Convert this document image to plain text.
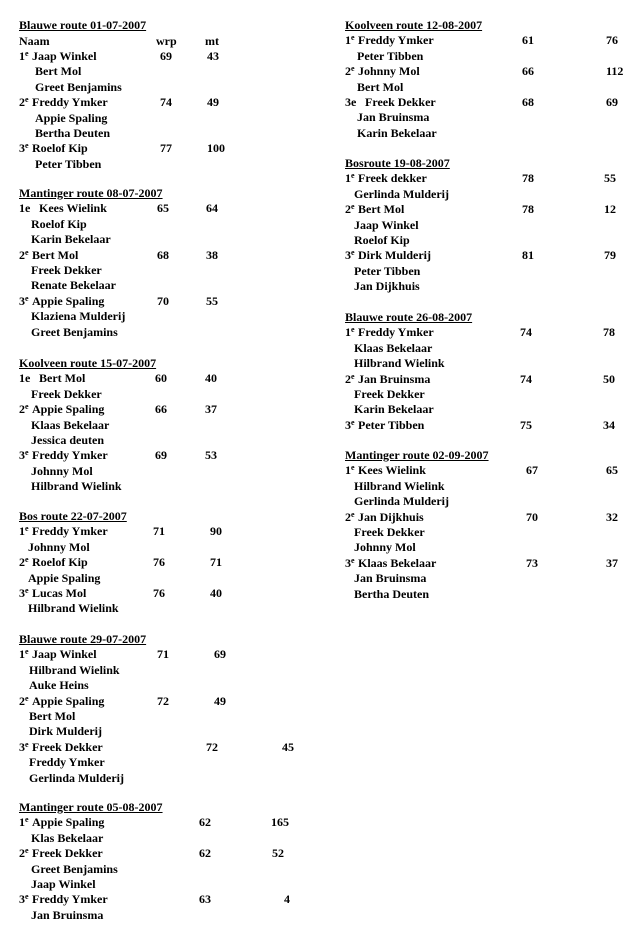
Naam	wrp mt
Blauwe route 01-07-2007
1e Jaap Winkel
Bert Mol
Greet Benjamins
69	43
2e Freddy Ymker
Appie Spaling
Bertha Deuten
74	49
3e Roelof Kip
Peter Tibben
77	100
Mantinger route 08-07-2007
1e Kees Wielink
Roelof Kip
Karin Bekelaar
65	64
2e Bert Mol
Freek Dekker
Renate Bekelaar
68	38
3e Appie Spaling
Klaziena Mulderij
Greet Benjamins
70	55
Koolveen route 15-07-2007
1e Bert Mol
Freek Dekker
60	40
2e Appie Spaling
Klaas Bekelaar
Jessica deuten
66	37
3e Freddy Ymker
Johnny Mol
Hilbrand Wielink
69	53
Bos route 22-07-2007
1e Freddy Ymker
Johnny Mol
71	90
2e Roelof Kip
Appie Spaling
76	71
3e Lucas Mol
Hilbrand Wielink
76	40
Blauwe route 29-07-2007
1e Jaap Winkel
Hilbrand Wielink
Auke Heins
71	69
2e Appie Spaling
Bert Mol
Dirk Mulderij
72	49
3e Freek Dekker
Freddy Ymker
Gerlinda Mulderij
72	45
Mantinger route 05-08-2007
1e Appie Spaling
Klas Bekelaar
62	165
2e Freek Dekker
Greet Benjamins
Jaap Winkel
62	52
3e Freddy Ymker
Jan Bruinsma
63	4
Koolveen route 12-08-2007
1e Freddy Ymker
Peter Tibben
61	76
2e Johnny Mol
Bert Mol
66	112
3e Freek Dekker
Jan Bruinsma
Karin Bekelaar
68	69
Bosroute 19-08-2007
1e Freek dekker
Gerlinda Mulderij
78	55
2e Bert Mol
Jaap Winkel
Roelof Kip
78	12
3e Dirk Mulderij
Peter Tibben
Jan Dijkhuis
81	79
Blauwe route 26-08-2007
1e Freddy Ymker
Klaas Bekelaar
Hilbrand Wielink
74	78
2e Jan Bruinsma
Freek Dekker
Karin Bekelaar
74	50
3e Peter Tibben	75	34
Mantinger route 02-09-2007
1e Kees Wielink
Hilbrand Wielink
Gerlinda Mulderij
67	65
2e Jan Dijkhuis
Freek Dekker
Johnny Mol
70	32
3e Klaas Bekelaar
Jan Bruinsma
Bertha Deuten
73	37
